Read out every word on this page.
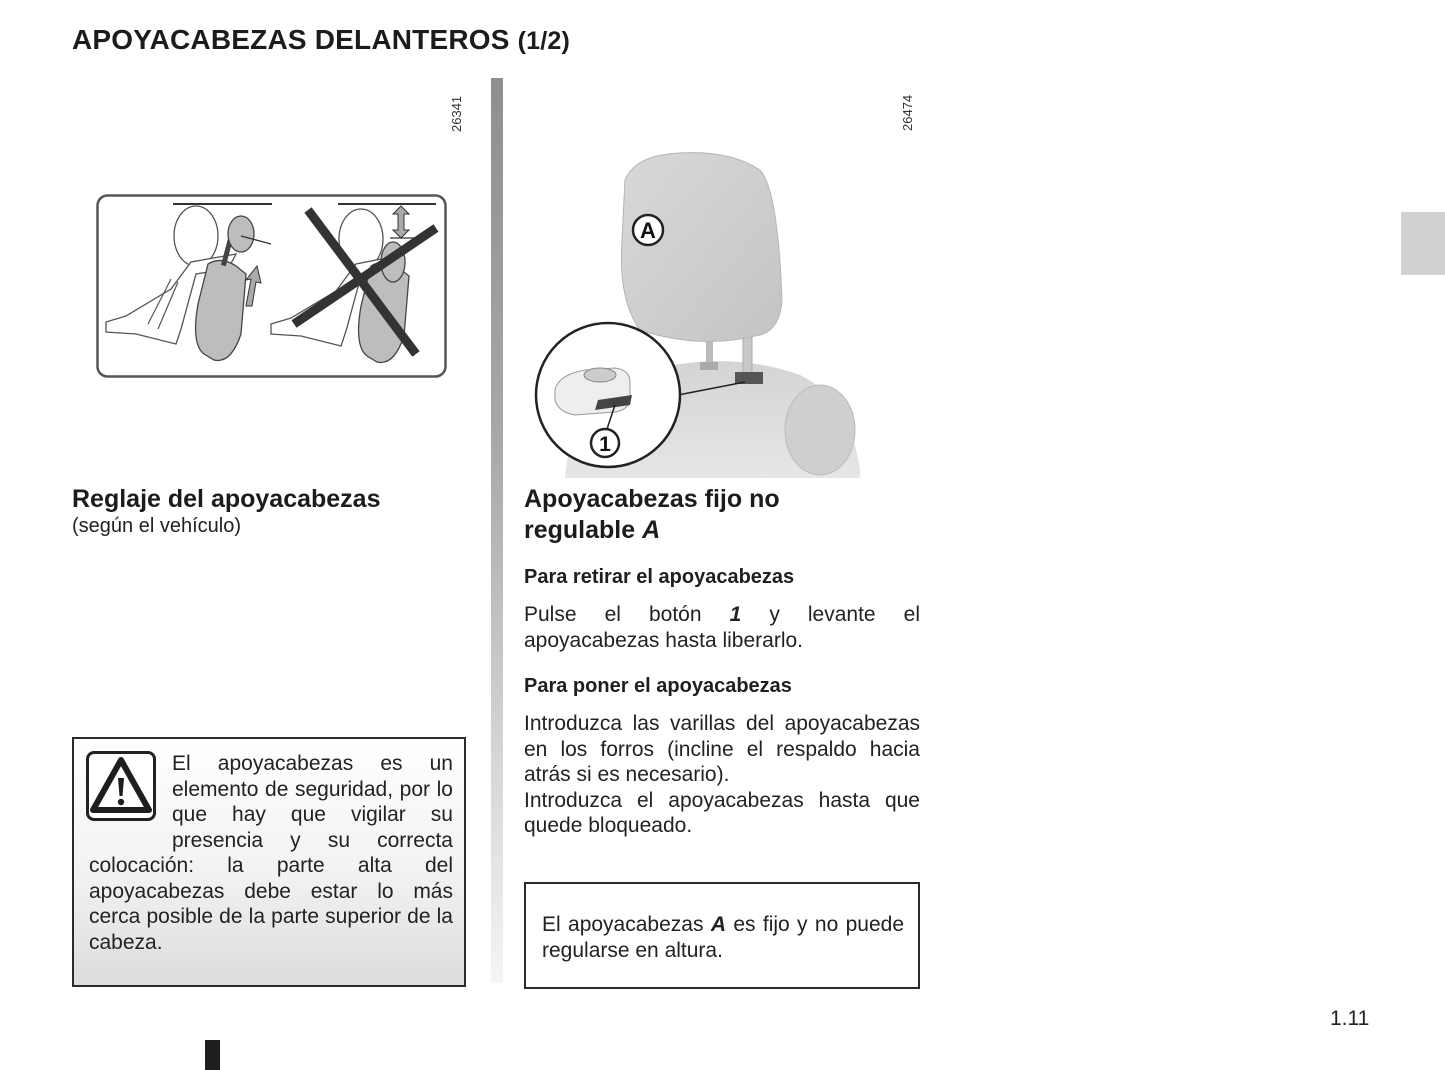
APOYACABEZAS DELANTEROS (1/2)
26341
Reglaje del apoyacabezas
(según el vehículo)
El apoyacabezas es un elemento de seguridad, por lo que hay que vigilar su presencia y su correcta colocación: la parte alta del apoyacabezas debe estar lo más cerca posible de la parte superior de la cabeza.
26474
A
1
Apoyacabezas fijo no
regulable A
Para retirar el apoyacabezas
Pulse el botón 1 y levante el apoyacabezas hasta liberarlo.
Para poner el apoyacabezas
Introduzca las varillas del apoyacabezas en los forros (incline el respaldo hacia atrás si es necesario).
Introduzca el apoyacabezas hasta que quede bloqueado.
El apoyacabezas A es fijo y no puede regularse en altura.
1.11
